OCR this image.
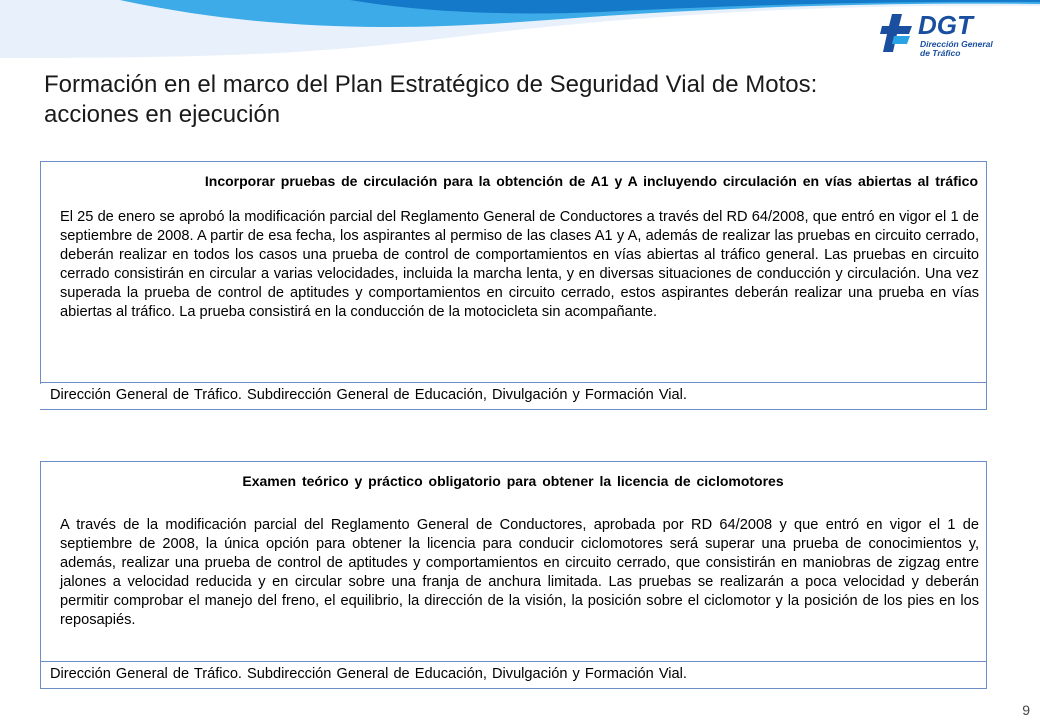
DGT
Dirección General
de Tráfico
Formación en el marco del Plan Estratégico de Seguridad Vial de Motos:
acciones en ejecución
Incorporar pruebas de circulación para la obtención de A1 y A incluyendo circulación en vías abiertas al tráfico
El 25 de enero se aprobó la modificación parcial del Reglamento General de Conductores a través del RD 64/2008, que entró en vigor el 1 de septiembre de 2008. A partir de esa fecha, los aspirantes al permiso de las clases A1 y A, además de realizar las pruebas en circuito cerrado, deberán realizar en todos los casos una prueba de control de comportamientos en vías abiertas al tráfico general. Las pruebas en circuito cerrado consistirán en circular a varias velocidades, incluida la marcha lenta, y en diversas situaciones de conducción y circulación. Una vez superada la prueba de control de aptitudes y comportamientos en circuito cerrado, estos aspirantes deberán realizar una prueba en vías abiertas al tráfico. La prueba consistirá en la conducción de la motocicleta sin acompañante.
Dirección General de Tráfico. Subdirección General de Educación, Divulgación y Formación Vial.
Examen teórico y práctico obligatorio para obtener la licencia de ciclomotores
A través de la modificación parcial del Reglamento General de Conductores, aprobada por RD 64/2008 y que entró en vigor el 1 de septiembre de 2008, la única opción para obtener la licencia para conducir ciclomotores será superar una prueba de conocimientos y, además, realizar una prueba de control de aptitudes y comportamientos en circuito cerrado, que consistirán en maniobras de zigzag entre jalones a velocidad reducida y en circular sobre una franja de anchura limitada. Las pruebas se realizarán a poca velocidad y deberán permitir comprobar el manejo del freno, el equilibrio, la dirección de la visión, la posición sobre el ciclomotor y la posición de los pies en los reposapiés.
Dirección General de Tráfico. Subdirección General de Educación, Divulgación y Formación Vial.
9
